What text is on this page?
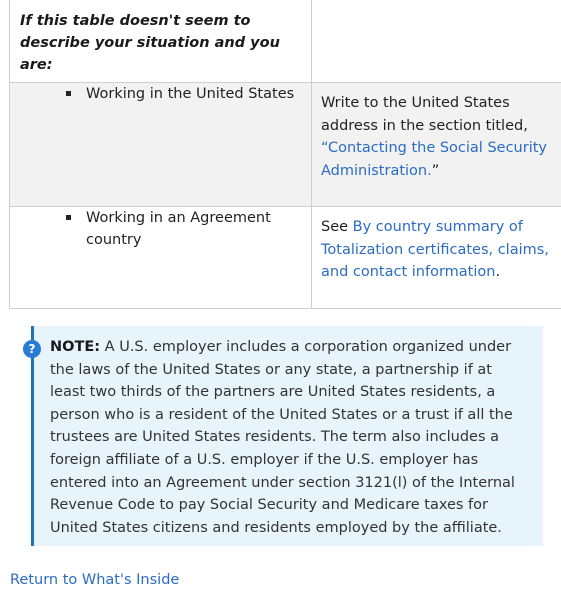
If this table doesn't seem to describe your situation and you are:	

Working in the United States	Write to the United States address in the section titled, “Contacting the Social Security Administration.”

Working in an Agreement country	See By country summary of Totalization certificates, claims, and contact information.
NOTE: A U.S. employer includes a corporation organized under the laws of the United States or any state, a partnership if at least two thirds of the partners are United States residents, a person who is a resident of the United States or a trust if all the trustees are United States residents. The term also includes a foreign affiliate of a U.S. employer if the U.S. employer has entered into an Agreement under section 3121(l) of the Internal Revenue Code to pay Social Security and Medicare taxes for United States citizens and residents employed by the affiliate.
?
Return to What's Inside
